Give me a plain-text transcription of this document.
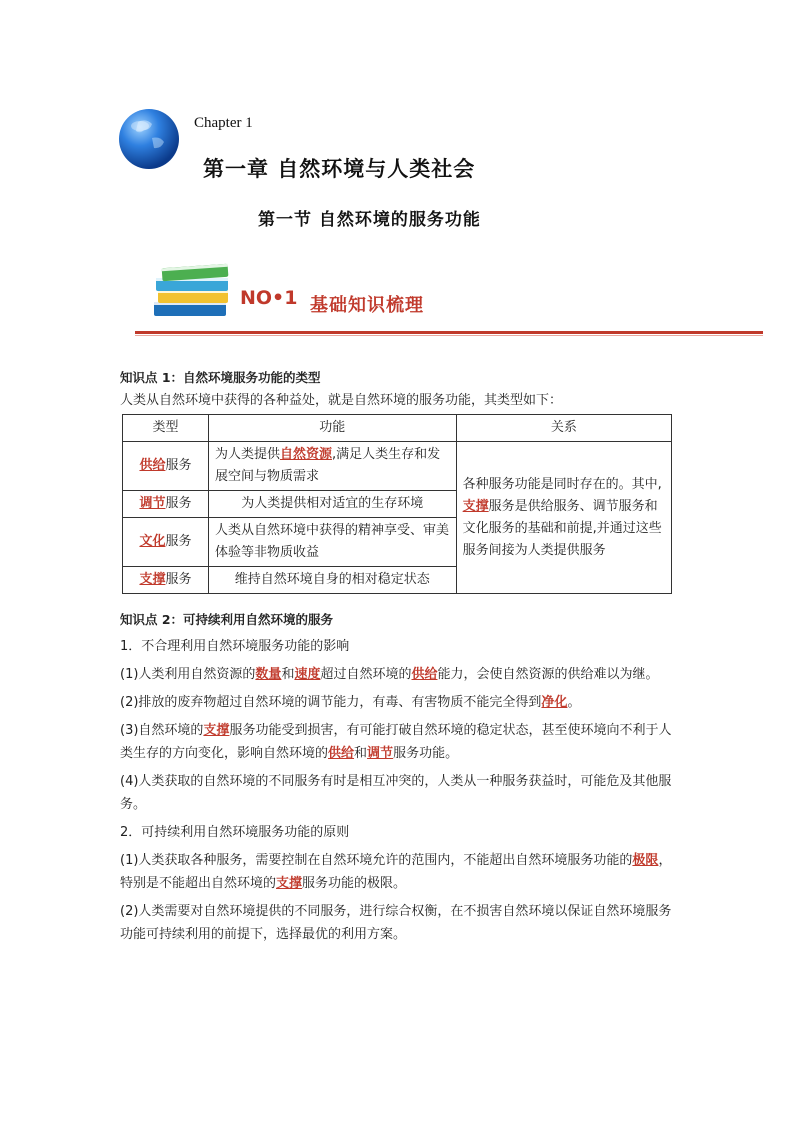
Chapter 1
第一章 自然环境与人类社会
第一节 自然环境的服务功能
NO•1 基础知识梳理

知识点 1：自然环境服务功能的类型

人类从自然环境中获得的各种益处，就是自然环境的服务功能，其类型如下：

类型	功能	关系
供给服务	为人类提供自然资源,满足人类生存和发展空间与物质需求	各种服务功能是同时存在的。其中,支撑服务是供给服务、调节服务和文化服务的基础和前提,并通过这些服务间接为人类提供服务
调节服务	为人类提供相对适宜的生存环境	
文化服务	人类从自然环境中获得的精神享受、审美体验等非物质收益	
支撑服务	维持自然环境自身的相对稳定状态	

知识点 2：可持续利用自然环境的服务

1．不合理利用自然环境服务功能的影响

(1)人类利用自然资源的数量和速度超过自然环境的供给能力，会使自然资源的供给难以为继。

(2)排放的废弃物超过自然环境的调节能力，有毒、有害物质不能完全得到净化。

(3)自然环境的支撑服务功能受到损害，有可能打破自然环境的稳定状态，甚至使环境向不利于人类生存的方向变化，影响自然环境的供给和调节服务功能。

(4)人类获取的自然环境的不同服务有时是相互冲突的，人类从一种服务获益时，可能危及其他服务。

2．可持续利用自然环境服务功能的原则

(1)人类获取各种服务，需要控制在自然环境允许的范围内，不能超出自然环境服务功能的极限，特别是不能超出自然环境的支撑服务功能的极限。

(2)人类需要对自然环境提供的不同服务，进行综合权衡，在不损害自然环境以保证自然环境服务功能可持续利用的前提下，选择最优的利用方案。
